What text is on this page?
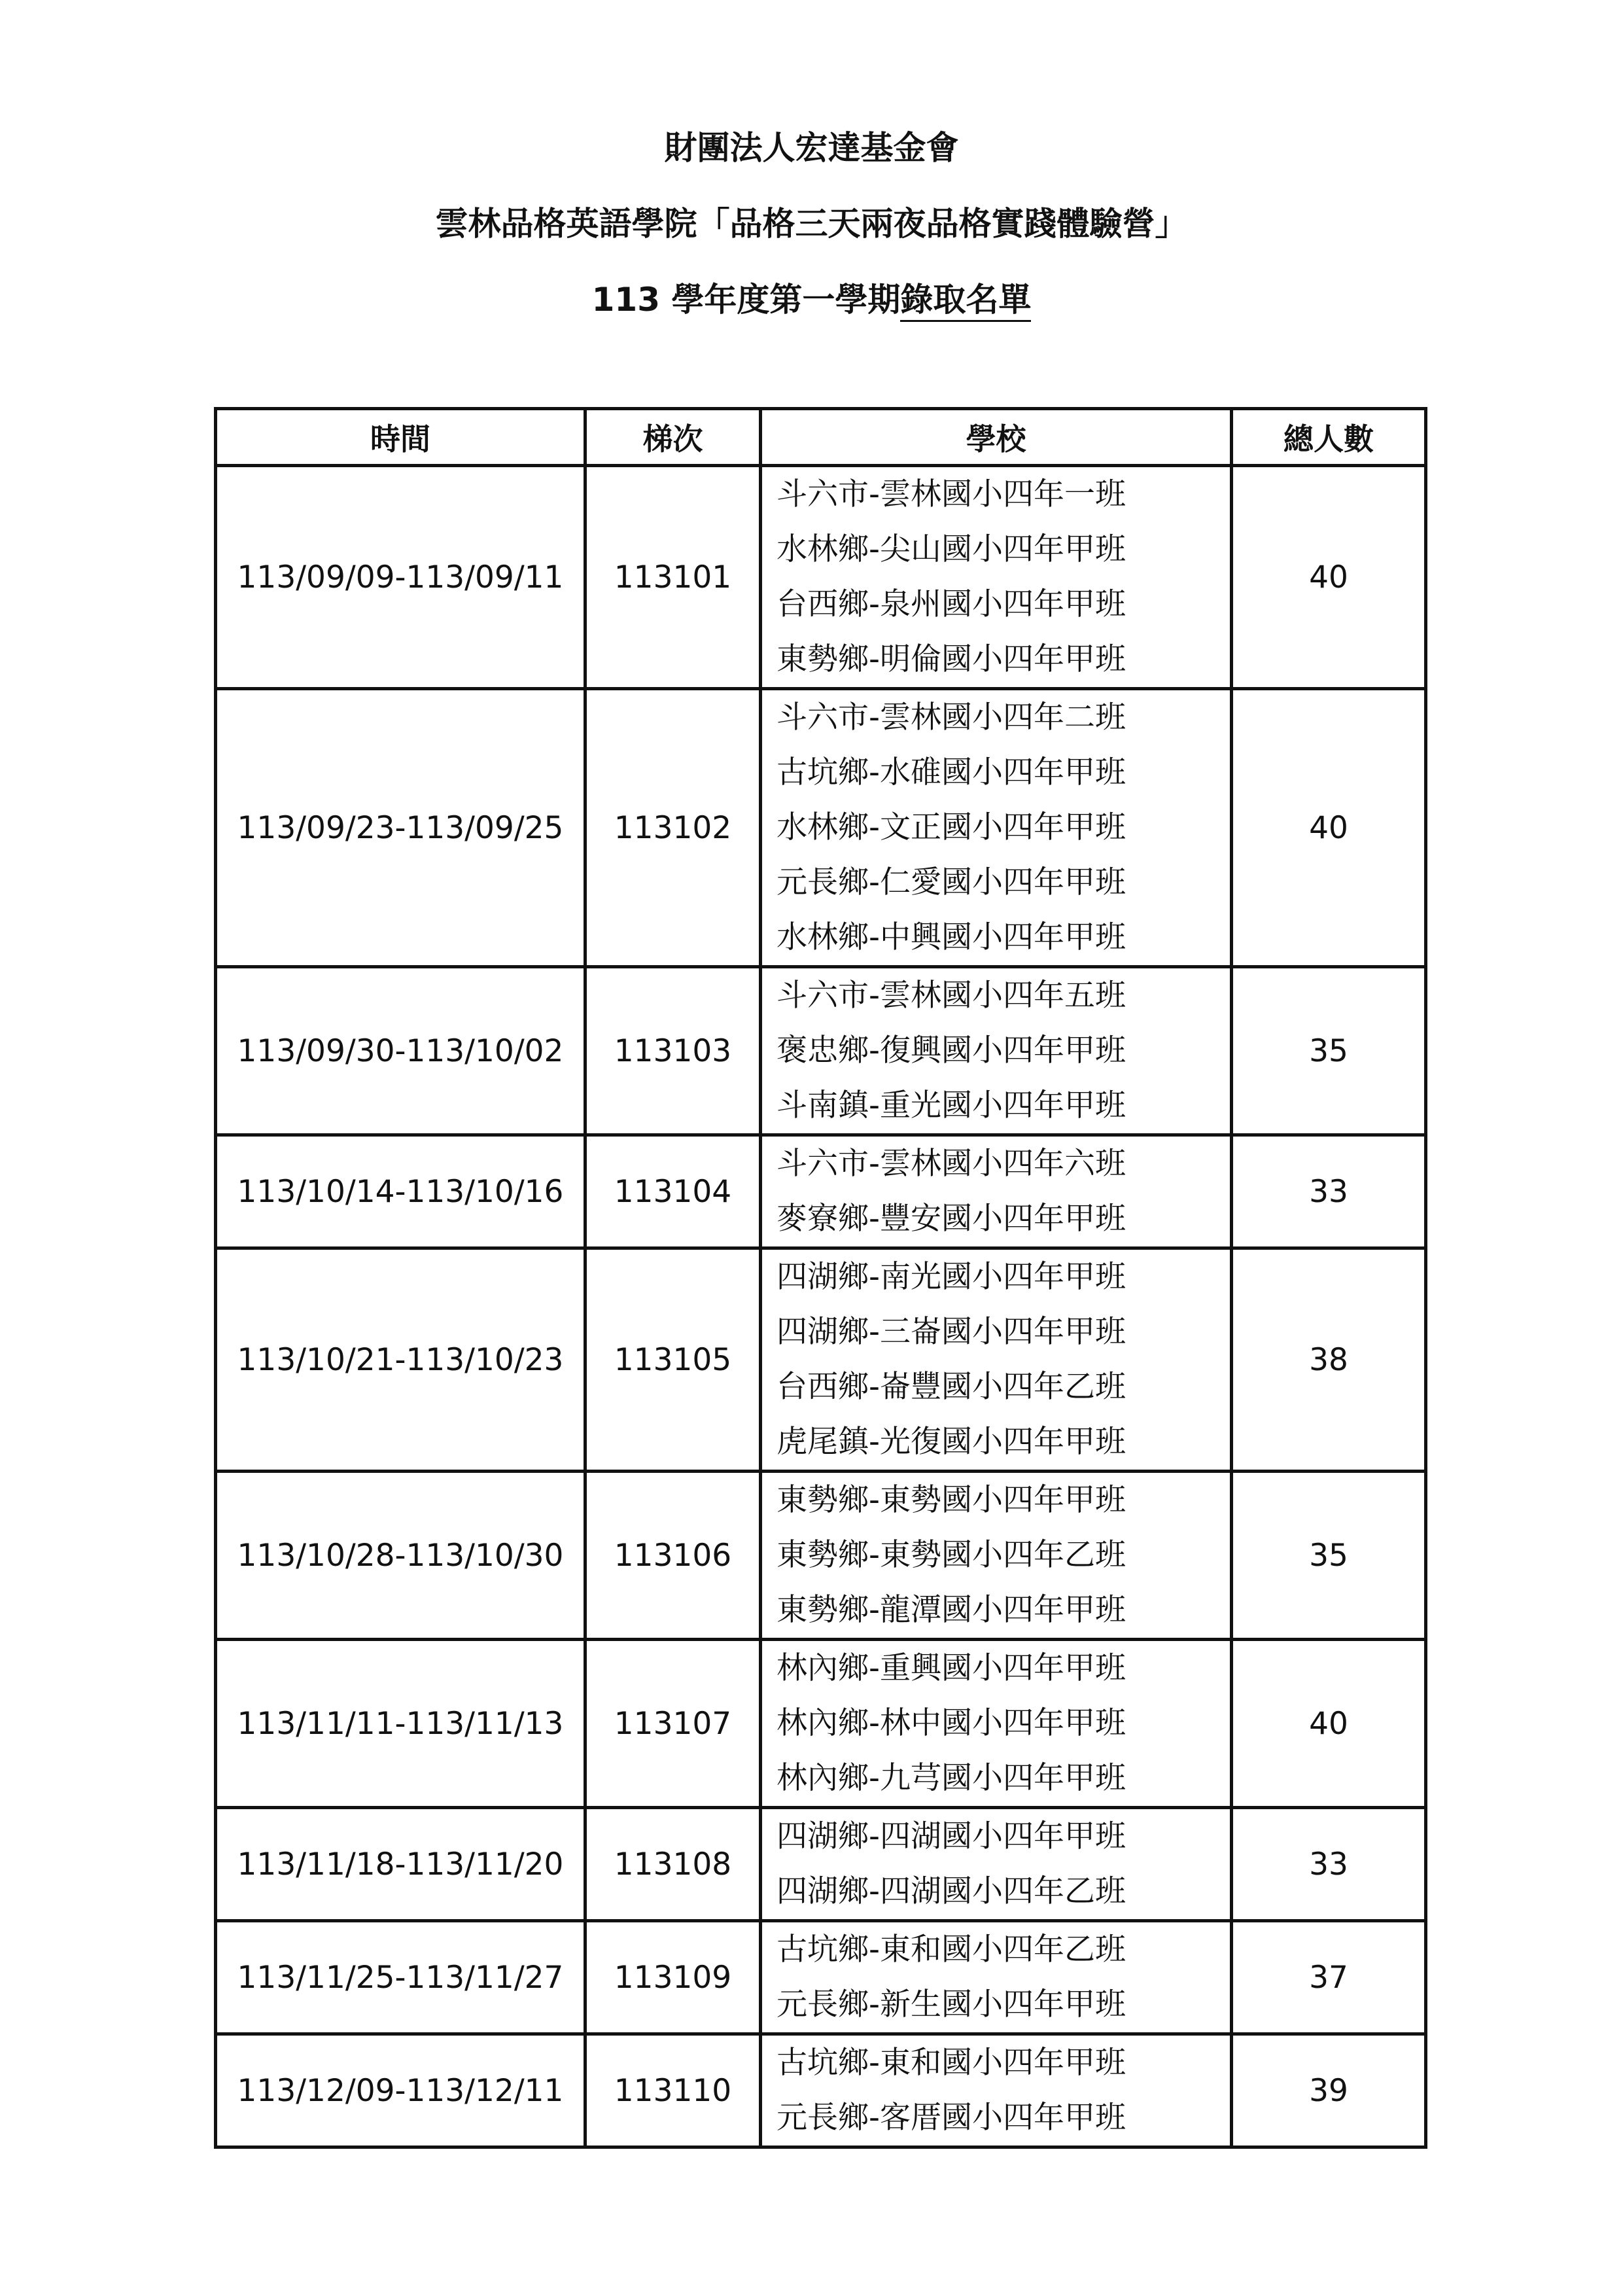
財團法人宏達基金會
雲林品格英語學院「品格三天兩夜品格實踐體驗營」
113 學年度第一學期錄取名單
時間	梯次	學校	總人數
113/09/09-113/09/11	113101	斗六市-雲林國小四年一班
水林鄉-尖山國小四年甲班
台西鄉-泉州國小四年甲班
東勢鄉-明倫國小四年甲班	40
113/09/23-113/09/25	113102	斗六市-雲林國小四年二班
古坑鄉-水碓國小四年甲班
水林鄉-文正國小四年甲班
元長鄉-仁愛國小四年甲班
水林鄉-中興國小四年甲班	40
113/09/30-113/10/02	113103	斗六市-雲林國小四年五班
褒忠鄉-復興國小四年甲班
斗南鎮-重光國小四年甲班	35
113/10/14-113/10/16	113104	斗六市-雲林國小四年六班
麥寮鄉-豐安國小四年甲班	33
113/10/21-113/10/23	113105	四湖鄉-南光國小四年甲班
四湖鄉-三崙國小四年甲班
台西鄉-崙豐國小四年乙班
虎尾鎮-光復國小四年甲班	38
113/10/28-113/10/30	113106	東勢鄉-東勢國小四年甲班
東勢鄉-東勢國小四年乙班
東勢鄉-龍潭國小四年甲班	35
113/11/11-113/11/13	113107	林內鄉-重興國小四年甲班
林內鄉-林中國小四年甲班
林內鄉-九芎國小四年甲班	40
113/11/18-113/11/20	113108	四湖鄉-四湖國小四年甲班
四湖鄉-四湖國小四年乙班	33
113/11/25-113/11/27	113109	古坑鄉-東和國小四年乙班
元長鄉-新生國小四年甲班	37
113/12/09-113/12/11	113110	古坑鄉-東和國小四年甲班
元長鄉-客厝國小四年甲班	39
